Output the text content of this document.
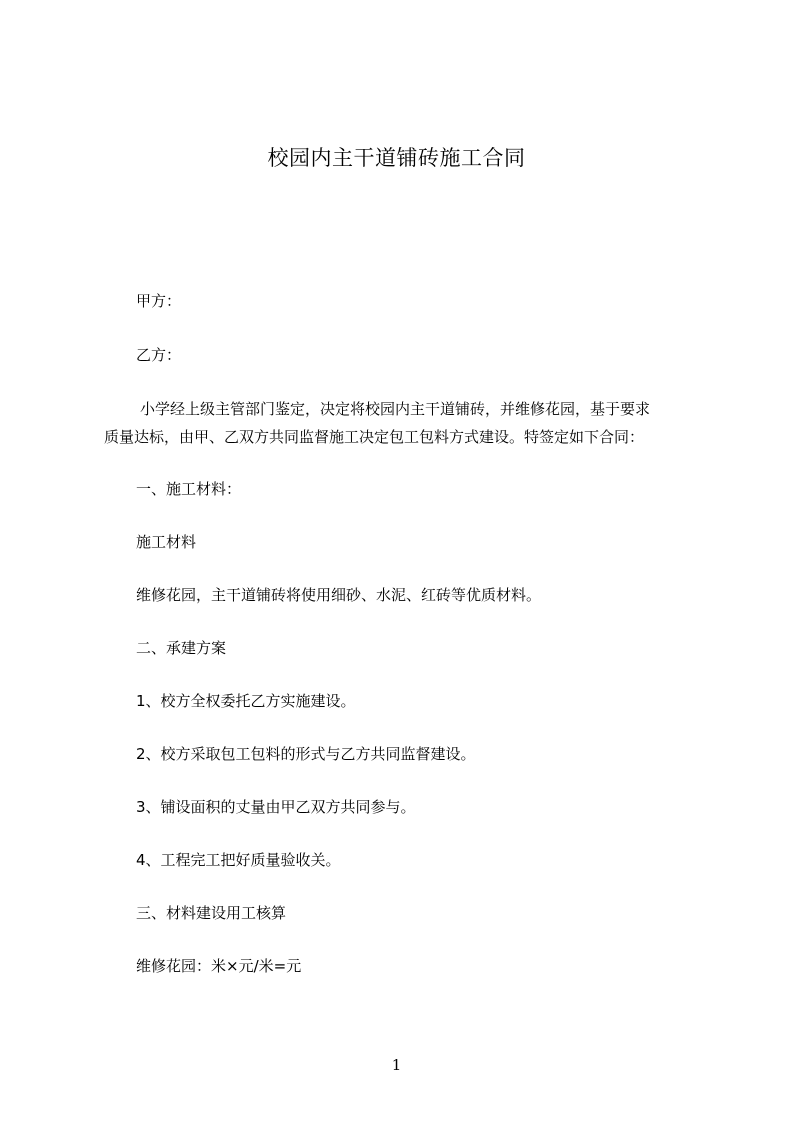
校园内主干道铺砖施工合同

甲方：

乙方：

小学经上级主管部门鉴定，决定将校园内主干道铺砖，并维修花园，基于要求质量达标，由甲、乙双方共同监督施工决定包工包料方式建设。特签定如下合同：

一、施工材料：

施工材料

维修花园，主干道铺砖将使用细砂、水泥、红砖等优质材料。

二、承建方案

1、校方全权委托乙方实施建设。

2、校方采取包工包料的形式与乙方共同监督建设。

3、铺设面积的丈量由甲乙双方共同参与。

4、工程完工把好质量验收关。

三、材料建设用工核算

维修花园：米×元/米=元

1
